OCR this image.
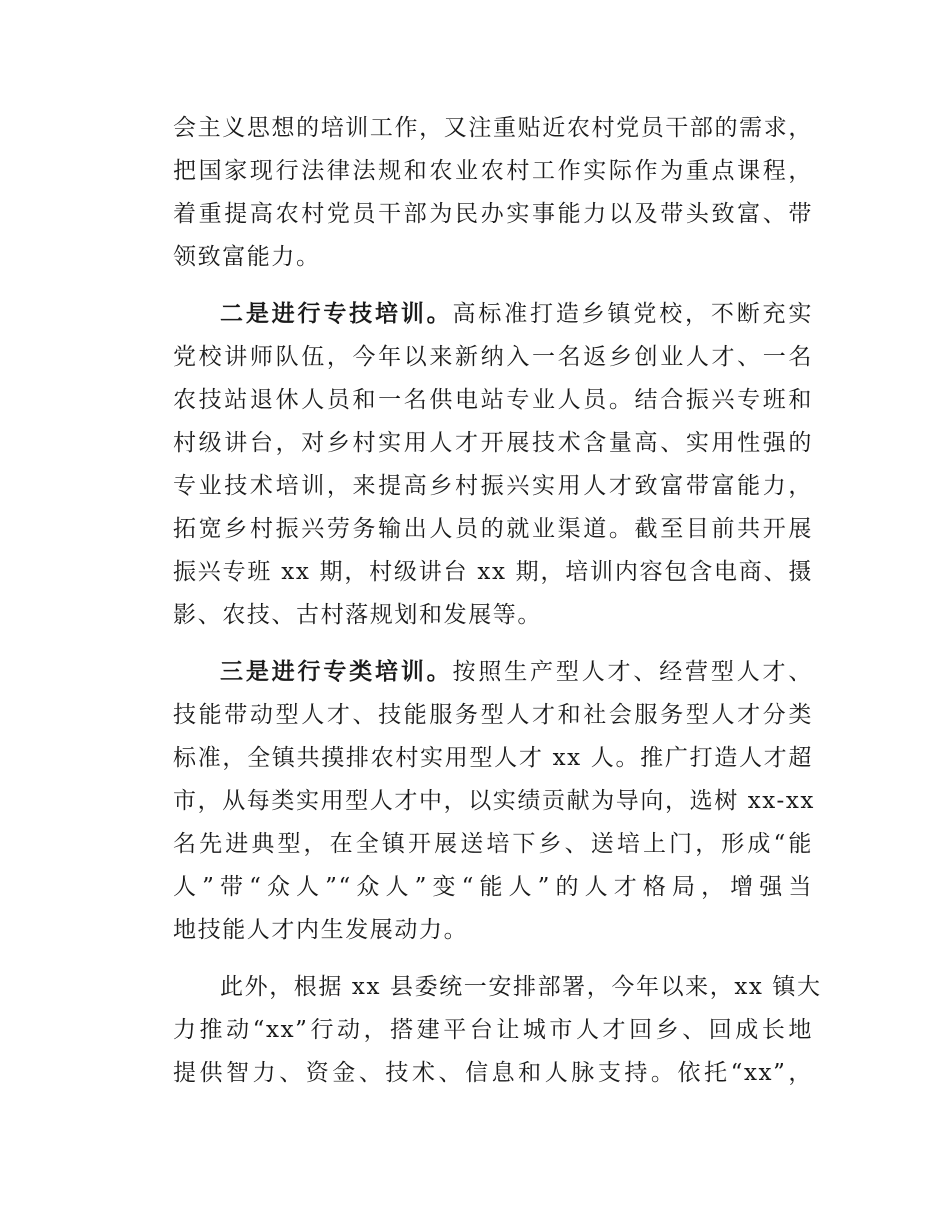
会主义思想的培训工作，又注重贴近农村党员干部的需求，
把国家现行法律法规和农业农村工作实际作为重点课程，
着重提高农村党员干部为民办实事能力以及带头致富、带
领致富能力。
二是进行专技培训。高标准打造乡镇党校，不断充实
党校讲师队伍，今年以来新纳入一名返乡创业人才、一名
农技站退休人员和一名供电站专业人员。结合振兴专班和
村级讲台，对乡村实用人才开展技术含量高、实用性强的
专业技术培训，来提高乡村振兴实用人才致富带富能力，
拓宽乡村振兴劳务输出人员的就业渠道。截至目前共开展
振兴专班 xx 期，村级讲台 xx 期，培训内容包含电商、摄
影、农技、古村落规划和发展等。
三是进行专类培训。按照生产型人才、经营型人才、
技能带动型人才、技能服务型人才和社会服务型人才分类
标准，全镇共摸排农村实用型人才 xx 人。推广打造人才超
市，从每类实用型人才中，以实绩贡献为导向，选树 xx-xx
名先进典型，在全镇开展送培下乡、送培上门，形成“能
人”带“众人”“众人”变“能人”的人才格局，增强当
地技能人才内生发展动力。
此外，根据 xx 县委统一安排部署，今年以来，xx 镇大
力推动“xx”行动，搭建平台让城市人才回乡、回成长地
提供智力、资金、技术、信息和人脉支持。依托“xx”，
